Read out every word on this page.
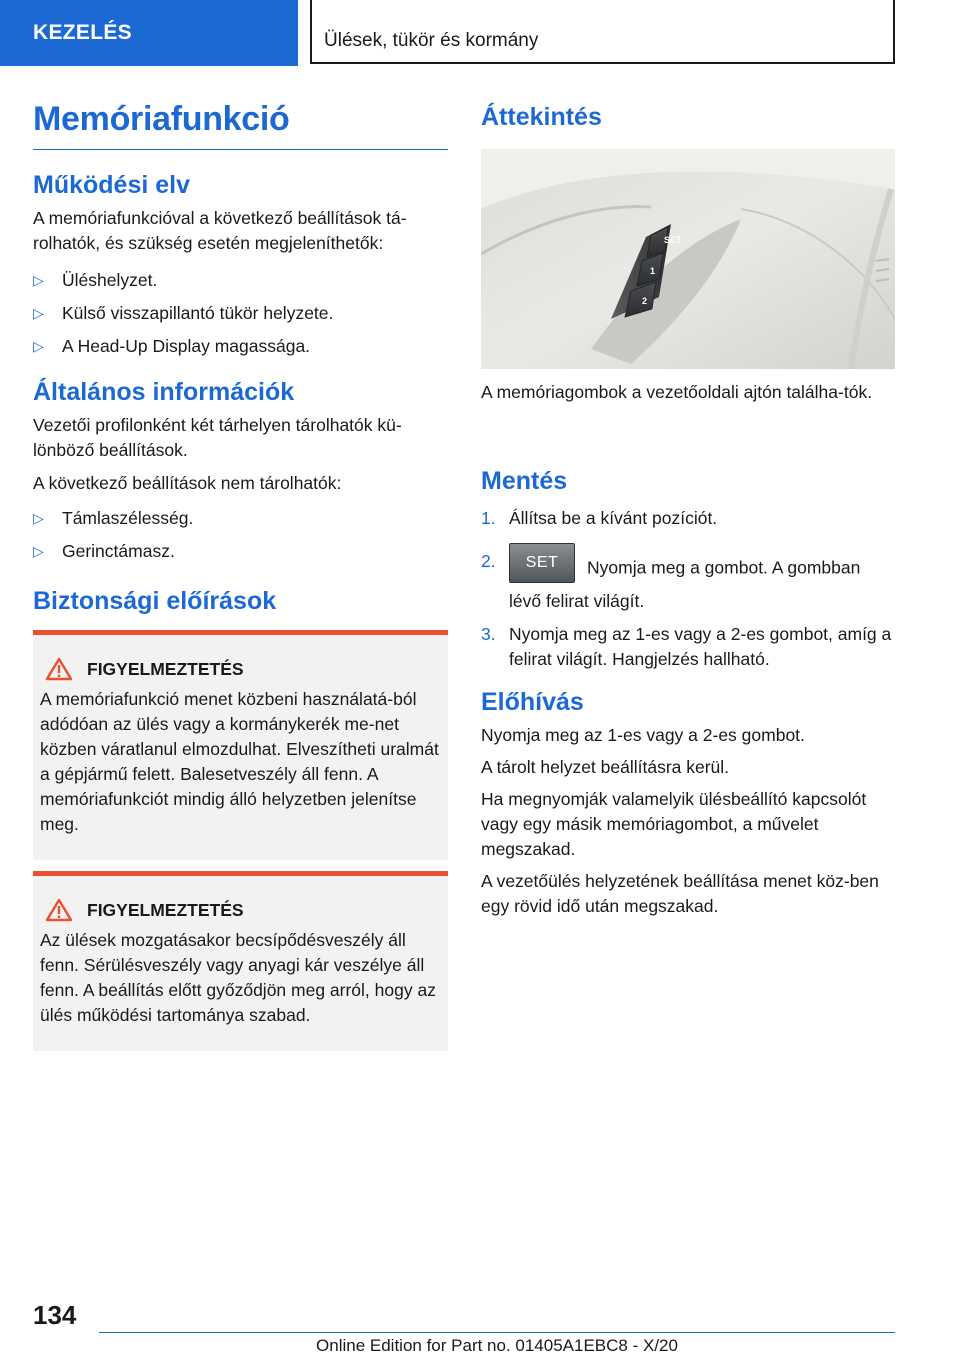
KEZELÉS	Ülések, tükör és kormány
Memóriafunkció
Működési elv

A memóriafunkcióval a következő beállítások tá-rolhatók, és szükség esetén megjeleníthetők:

▷ Üléshelyzet.
▷ Külső visszapillantó tükör helyzete.
▷ A Head-Up Display magassága.
Általános információk

Vezetői profilonként két tárhelyen tárolhatók kü-lönböző beállítások.

A következő beállítások nem tárolhatók:

▷ Támlaszélesség.
▷ Gerinctámasz.
Biztonsági előírások
FIGYELMEZTETÉS

A memóriafunkció menet közbeni használatá-ból adódóan az ülés vagy a kormánykerék me-net közben váratlanul elmozdulhat. Elveszítheti uralmát a gépjármű felett. Balesetveszély áll fenn. A memóriafunkciót mindig álló helyzetben jelenítse meg.

FIGYELMEZTETÉS

Az ülések mozgatásakor becsípődésveszély áll fenn. Sérülésveszély vagy anyagi kár veszélye áll fenn. A beállítás előtt győződjön meg arról, hogy az ülés működési tartománya szabad.

Áttekintés
SET
1
2

A memóriagombok a vezetőoldali ajtón találha-tók.

Mentés
1. Állítsa be a kívánt pozíciót.
2. SET Nyomja meg a gombot. A gombban lévő felirat világít.
3. Nyomja meg az 1-es vagy a 2-es gombot, amíg a felirat világít. Hangjelzés hallható.
Előhívás

Nyomja meg az 1-es vagy a 2-es gombot.

A tárolt helyzet beállításra kerül.

Ha megnyomják valamelyik ülésbeállító kapcsolót vagy egy másik memóriagombot, a művelet megszakad.

A vezetőülés helyzetének beállítása menet köz-ben egy rövid idő után megszakad.

134
Online Edition for Part no. 01405A1EBC8 - X/20
